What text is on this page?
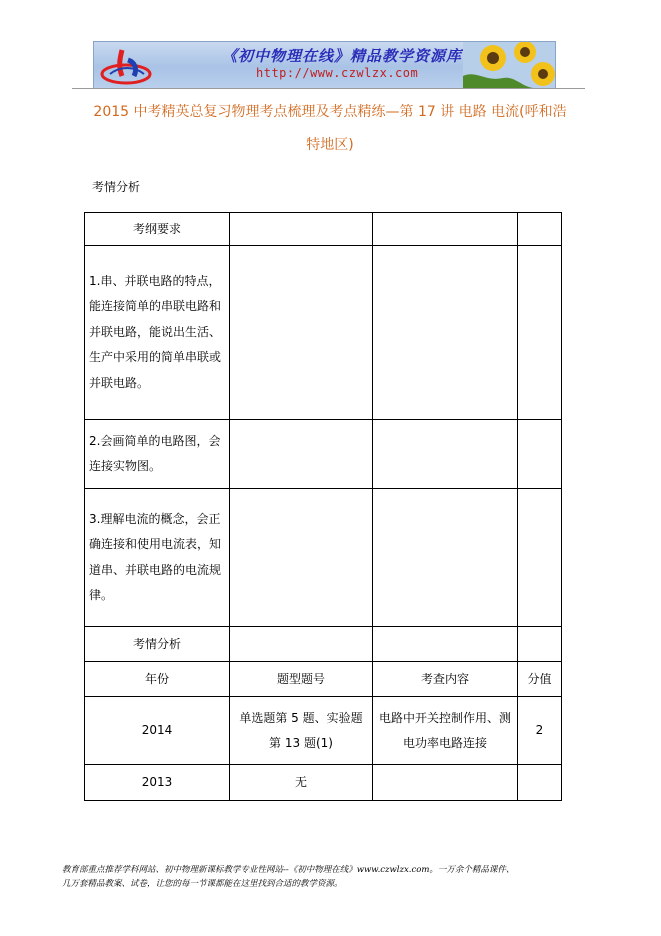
《初中物理在线》精品教学资源库
http://www.czwlzx.com
2015 中考精英总复习物理考点梳理及考点精练—第 17 讲 电路 电流(呼和浩
特地区)
考情分析
考纲要求			
1.串、并联电路的特点，能连接简单的串联电路和并联电路，能说出生活、生产中采用的简单串联或并联电路。			
2.会画简单的电路图，会连接实物图。			
3.理解电流的概念，会正确连接和使用电流表，知道串、并联电路的电流规律。			
考情分析			
年份	题型题号	考查内容	分值
2014	单选题第 5 题、实验题第 13 题(1)	电路中开关控制作用、测电功率电路连接	2
2013	无		
教育部重点推荐学科网站、初中物理新课标教学专业性网站--《初中物理在线》www.czwlzx.com。一万余个精品课件、
几万套精品教案、试卷，让您的每一节课都能在这里找到合适的教学资源。
